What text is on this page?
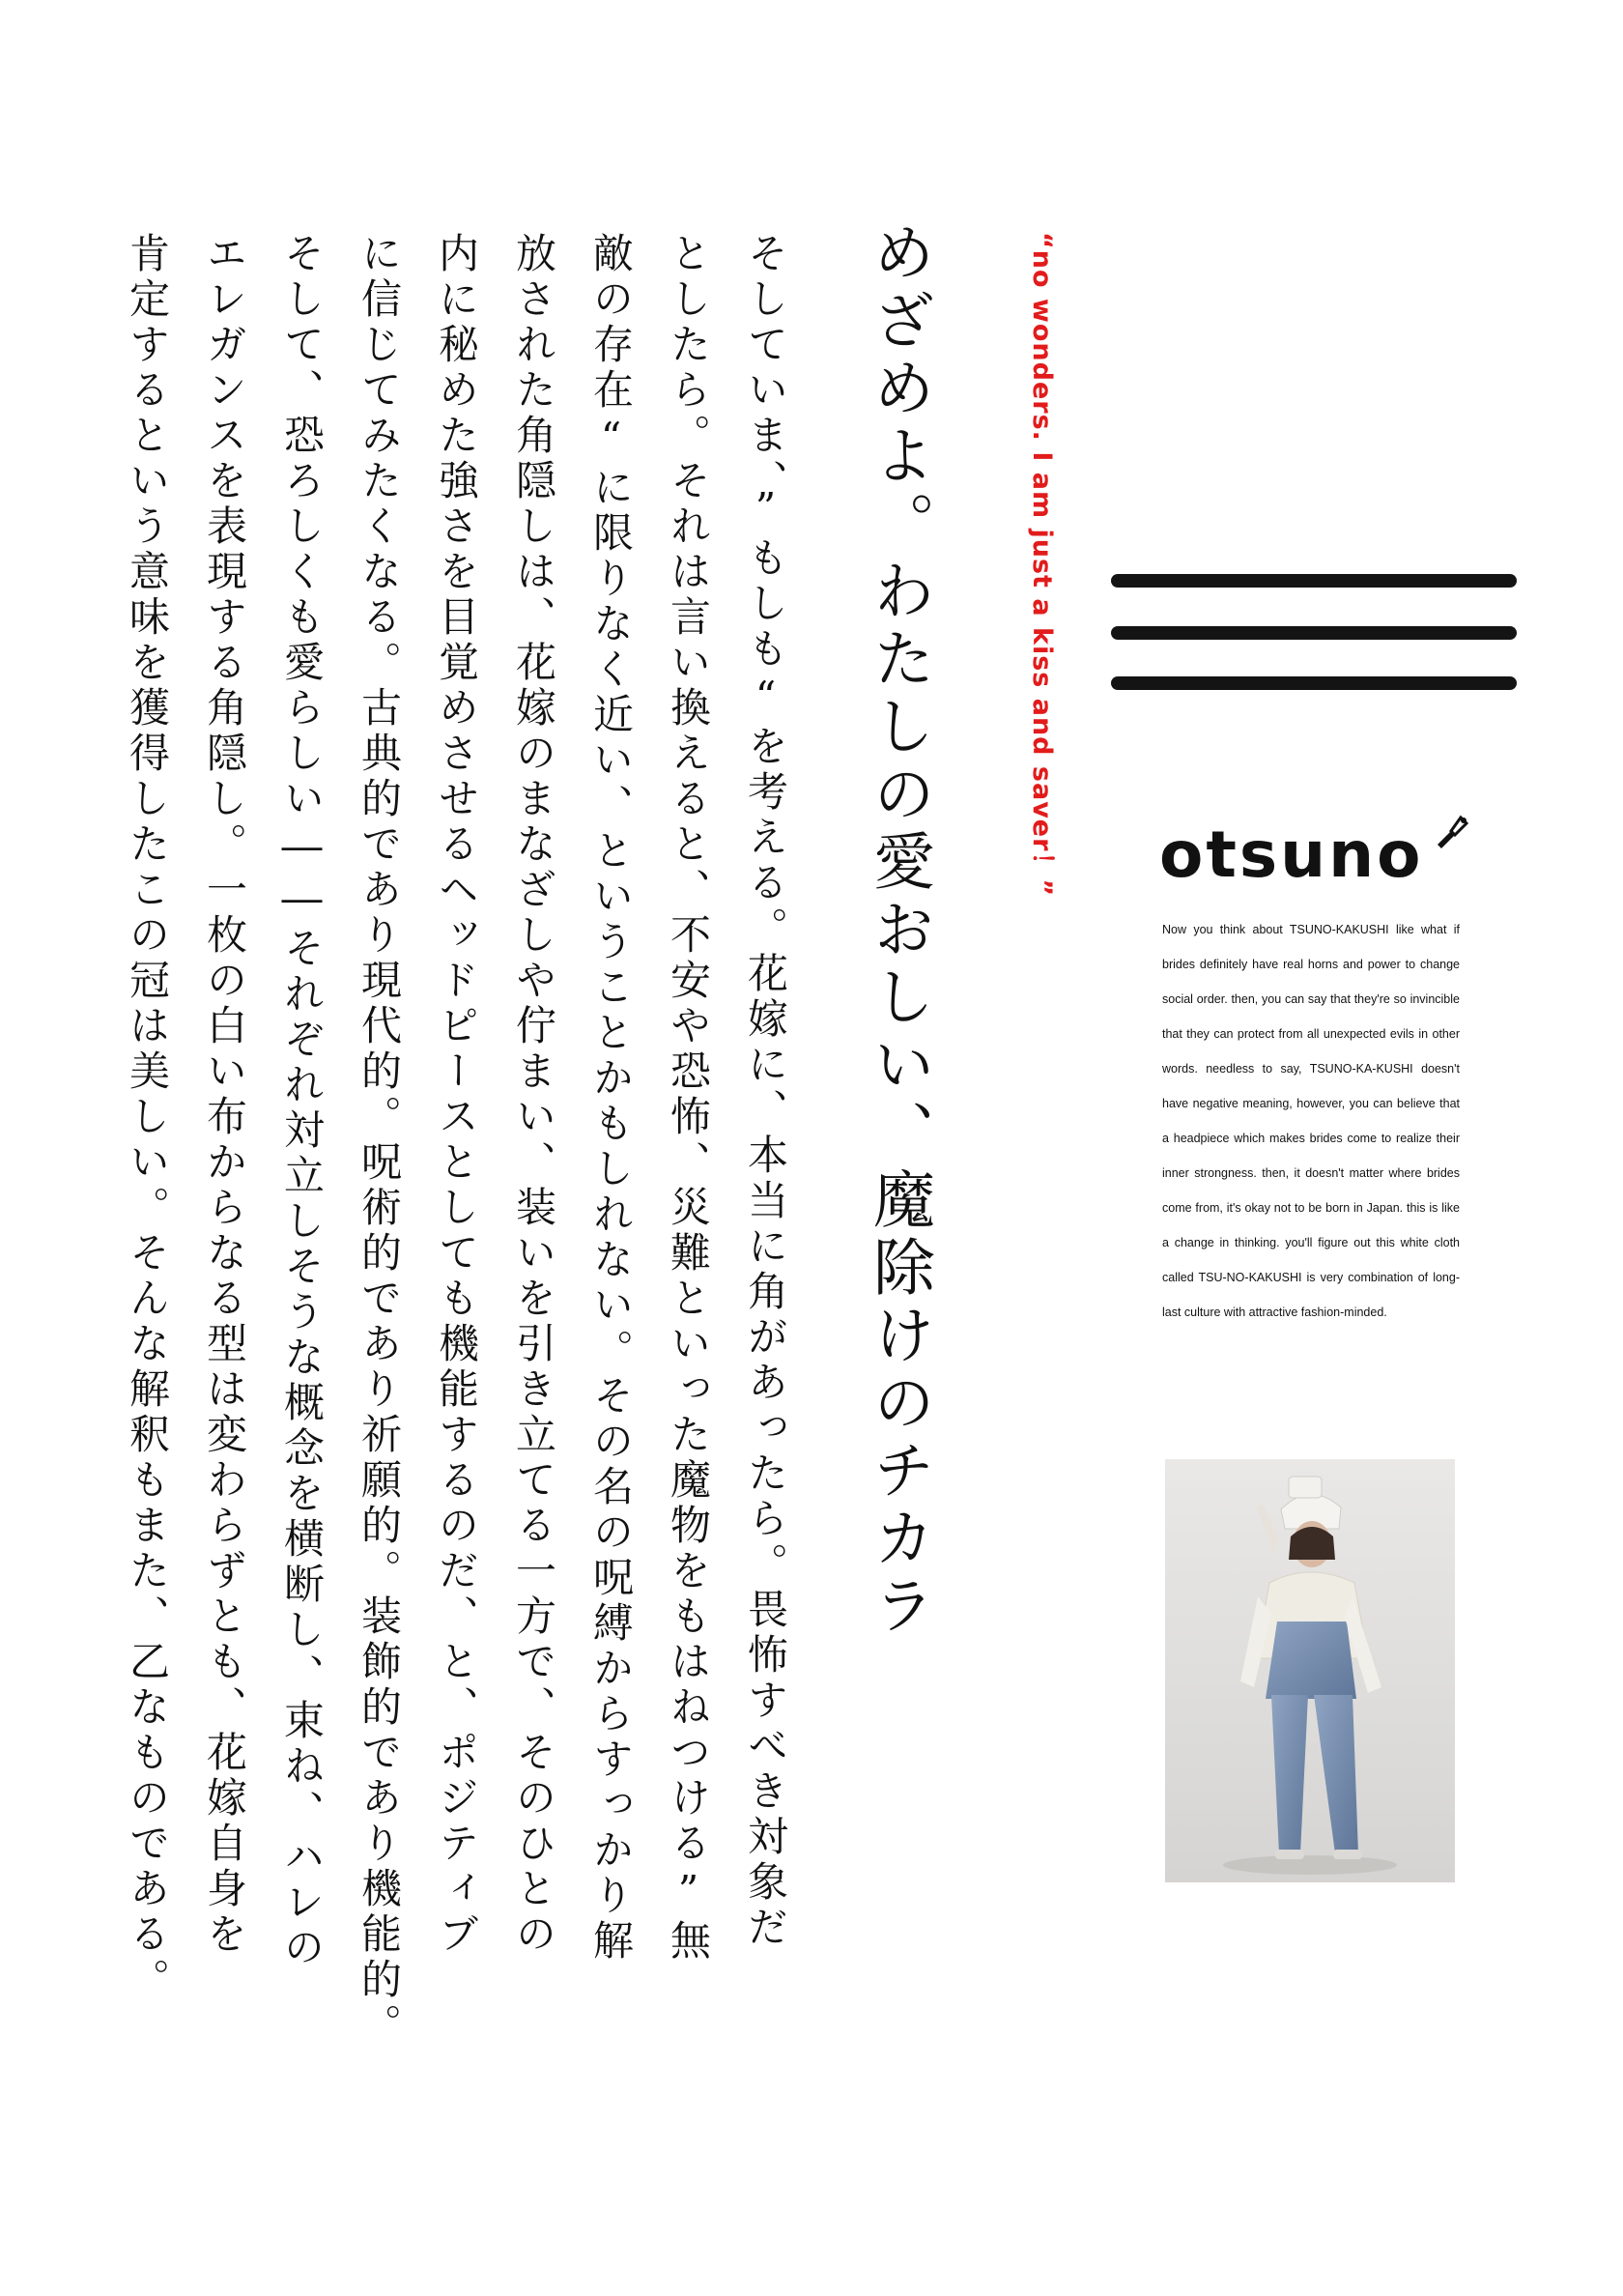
めざめよ。わたしの愛おしい、魔除けのチカラ
そしていま、”もしも“を考える。花嫁に、本当に角があったら。畏怖すべき対象だ
としたら。それは言い換えると、不安や恐怖、災難といった魔物をもはねつける”無
敵の存在“に限りなく近い、ということかもしれない。その名の呪縛からすっかり解
放された角隠しは、花嫁のまなざしや佇まい、装いを引き立てる一方で、そのひとの
内に秘めた強さを目覚めさせるヘッドピースとしても機能するのだ、と、ポジティブ
に信じてみたくなる。古典的であり現代的。呪術的であり祈願的。装飾的であり機能的。
そして、恐ろしくも愛らしい――それぞれ対立しそうな概念を横断し、束ね、ハレの
エレガンスを表現する角隠し。一枚の白い布からなる型は変わらずとも、花嫁自身を
肯定するという意味を獲得したこの冠は美しい。そんな解釈もまた、乙なものである。	“no wonders. I am just a kiss and saver！” otsuno
Now you think about TSUNO-KAKUSHI like what if brides definitely have real horns and power to change social order. then, you can say that they're so invincible that they can protect from all unexpected evils in other words. needless to say, TSUNO-KA-KUSHI doesn't have negative meaning, however, you can believe that a headpiece which makes brides come to realize their inner strongness. then, it doesn't matter where brides come from, it's okay not to be born in Japan. this is like a change in thinking. you'll figure out this white cloth called TSU-NO-KAKUSHI is very combination of long-last culture with attractive fashion-minded.
